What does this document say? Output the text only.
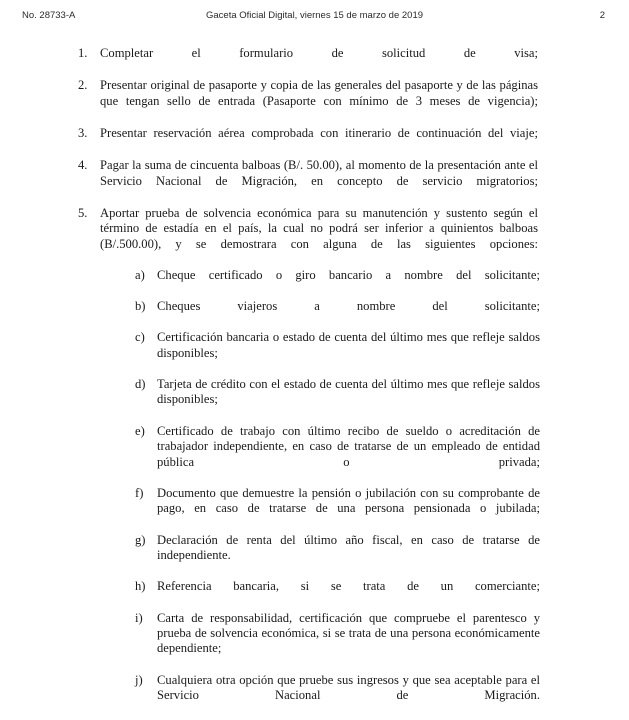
No. 28733-A	Gaceta Oficial Digital, viernes 15 de marzo de 2019	2
1. Completar el formulario de solicitud de visa;
2. Presentar original de pasaporte y copia de las generales del pasaporte y de las páginas que tengan sello de entrada (Pasaporte con mínimo de 3 meses de vigencia);
3. Presentar reservación aérea comprobada con itinerario de continuación del viaje;
4. Pagar la suma de cincuenta balboas (B/. 50.00), al momento de la presentación ante el Servicio Nacional de Migración, en concepto de servicio migratorios;
5. Aportar prueba de solvencia económica para su manutención y sustento según el término de estadía en el país, la cual no podrá ser inferior a quinientos balboas (B/.500.00), y se demostrara con alguna de las siguientes opciones:
a) Cheque certificado o giro bancario a nombre del solicitante;
b) Cheques viajeros a nombre del solicitante;
c) Certificación bancaria o estado de cuenta del último mes que refleje saldos disponibles;
d) Tarjeta de crédito con el estado de cuenta del último mes que refleje saldos disponibles;
e) Certificado de trabajo con último recibo de sueldo o acreditación de trabajador independiente, en caso de tratarse de un empleado de entidad pública o privada;
f)	Documento que demuestre la pensión o jubilación con su comprobante de pago, en caso de tratarse de una persona pensionada o jubilada;
g) Declaración de renta del último año fiscal, en caso de tratarse de independiente.
h) Referencia bancaria, si se trata de un comerciante;
i)	Carta de responsabilidad, certificación que compruebe el parentesco y prueba de solvencia económica, si se trata de una persona económicamente dependiente;
j)	Cualquiera otra opción que pruebe sus ingresos y que sea aceptable para el Servicio Nacional de Migración.
